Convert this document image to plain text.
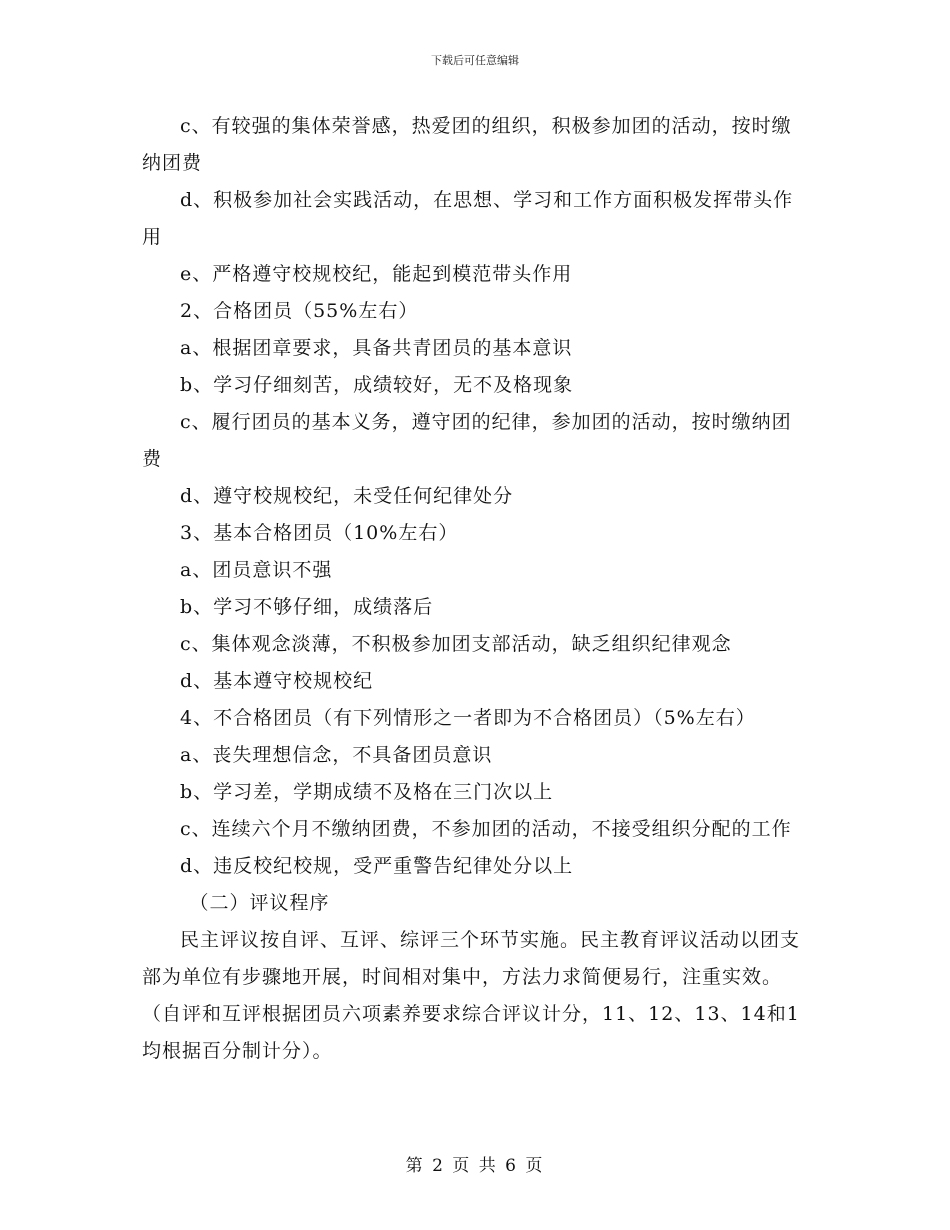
下载后可任意编辑

c、有较强的集体荣誉感，热爱团的组织，积极参加团的活动，按时缴纳团费

d、积极参加社会实践活动，在思想、学习和工作方面积极发挥带头作用

e、严格遵守校规校纪，能起到模范带头作用

2、合格团员（55%左右）

a、根据团章要求，具备共青团员的基本意识

b、学习仔细刻苦，成绩较好，无不及格现象

c、履行团员的基本义务，遵守团的纪律，参加团的活动，按时缴纳团费

d、遵守校规校纪，未受任何纪律处分

3、基本合格团员（10%左右）

a、团员意识不强

b、学习不够仔细，成绩落后

c、集体观念淡薄，不积极参加团支部活动，缺乏组织纪律观念

d、基本遵守校规校纪

4、不合格团员（有下列情形之一者即为不合格团员）（5%左右）

a、丧失理想信念，不具备团员意识

b、学习差，学期成绩不及格在三门次以上

c、连续六个月不缴纳团费，不参加团的活动，不接受组织分配的工作

d、违反校纪校规，受严重警告纪律处分以上

（二）评议程序

民主评议按自评、互评、综评三个环节实施。民主教育评议活动以团支部为单位有步骤地开展，时间相对集中，方法力求简便易行，注重实效。（自评和互评根据团员六项素养要求综合评议计分，11、12、13、14和1均根据百分制计分）。

第 2 页 共 6 页
